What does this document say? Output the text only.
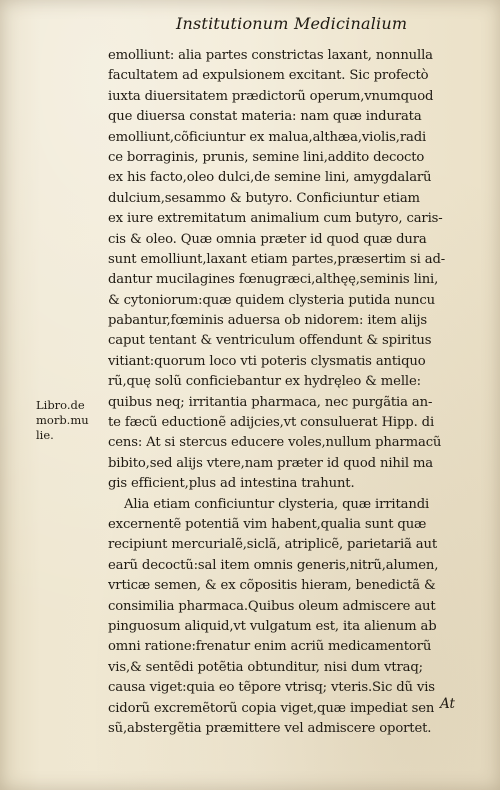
Institutionum Medicinalium
emolliunt: alia partes constrictas laxant, nonnulla
facultatem ad expulsionem excitant. Sic profectò
iuxta diuersitatem prædictorũ operum,vnumquod
que diuersa constat materia: nam quæ indurata
emolliunt,cõficiuntur ex malua,althæa,violis,radi
ce borraginis, prunis, semine lini,addito decocto
ex his facto,oleo dulci,de semine lini, amygdalarũ
dulcium,sesammo & butyro. Conficiuntur etiam
ex iure extremitatum animalium cum butyro, caris-
cis & oleo. Quæ omnia præter id quod quæ dura
sunt emolliunt,laxant etiam partes,præsertim si ad-
dantur mucilagines fœnugræci,althęę,seminis lini,
& cytoniorum:quæ quidem clysteria putida nuncu
pabantur,fœminis aduersa ob nidorem: item alijs
caput tentant & ventriculum offendunt & spiritus
vitiant:quorum loco vti poteris clysmatis antiquo
rũ,quę solũ conficiebantur ex hydręleo & melle:
quibus neq; irritantia pharmaca, nec purgãtia an-
te fæcũ eductionẽ adijcies,vt consuluerat Hipp. di
cens: At si stercus educere voles,nullum pharmacũ
bibito,sed alijs vtere,nam præter id quod nihil ma
gis efficient,plus ad intestina trahunt.
Alia etiam conficiuntur clysteria, quæ irritandi
excernentẽ potentiã vim habent,qualia sunt quæ
recipiunt mercurialẽ,siclã, atriplicẽ, parietariã aut
earũ decoctũ:sal item omnis generis,nitrũ,alumen,
vrticæ semen, & ex cõpositis hieram, benedictã &
consimilia pharmaca.Quibus oleum admiscere aut
pinguosum aliquid,vt vulgatum est, ita alienum ab
omni ratione:frenatur enim acriũ medicamentorũ
vis,& sentẽdi potẽtia obtunditur, nisi dum vtraq;
causa viget:quia eo tẽpore vtrisq; vteris.Sic dũ vis
cidorũ excremẽtorũ copia viget,quæ impediat sen
sũ,abstergẽtia præmittere vel admiscere oportet.
Libro.de
morb.mu
lie.
At
